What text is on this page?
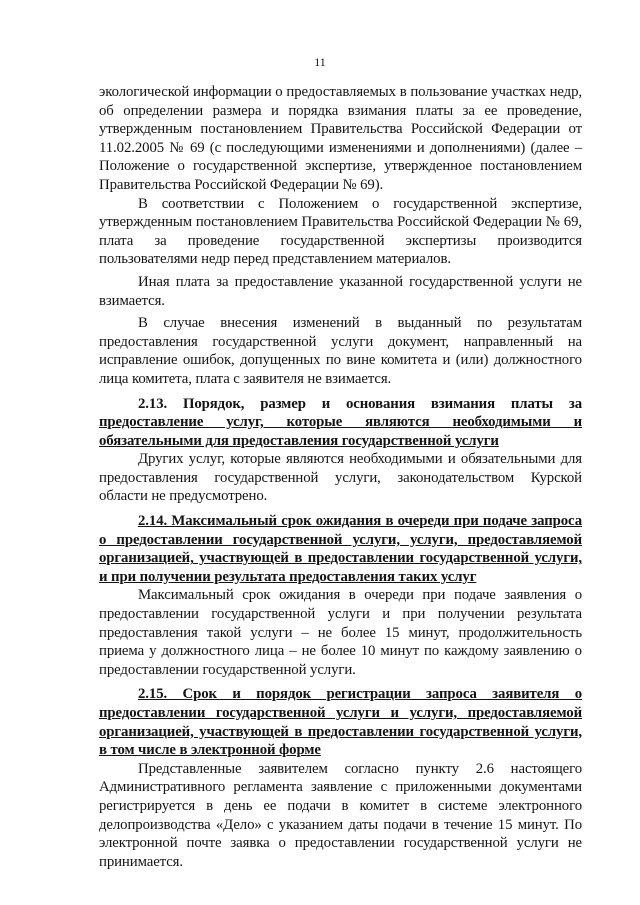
11

экологической информации о предоставляемых в пользование участках недр, об определении размера и порядка взимания платы за ее проведение, утвержденным постановлением Правительства Российской Федерации от 11.02.2005 № 69 (с последующими изменениями и дополнениями) (далее – Положение о государственной экспертизе, утвержденное постановлением Правительства Российской Федерации № 69).

В соответствии с Положением о государственной экспертизе, утвержденным постановлением Правительства Российской Федерации № 69, плата за проведение государственной экспертизы производится пользователями недр перед представлением материалов.

Иная плата за предоставление указанной государственной услуги не взимается.

В случае внесения изменений в выданный по результатам предоставления государственной услуги документ, направленный на исправление ошибок, допущенных по вине комитета и (или) должностного лица комитета, плата с заявителя не взимается.

2.13. Порядок, размер и основания взимания платы за предоставление услуг, которые являются необходимыми и обязательными для предоставления государственной услуги

Других услуг, которые являются необходимыми и обязательными для предоставления государственной услуги, законодательством Курской области не предусмотрено.

2.14. Максимальный срок ожидания в очереди при подаче запроса о предоставлении государственной услуги, услуги, предоставляемой организацией, участвующей в предоставлении государственной услуги, и при получении результата предоставления таких услуг

Максимальный срок ожидания в очереди при подаче заявления о предоставлении государственной услуги и при получении результата предоставления такой услуги – не более 15 минут, продолжительность приема у должностного лица – не более 10 минут по каждому заявлению о предоставлении государственной услуги.

2.15. Срок и порядок регистрации запроса заявителя о предоставлении государственной услуги и услуги, предоставляемой организацией, участвующей в предоставлении государственной услуги, в том числе в электронной форме

Представленные заявителем согласно пункту 2.6 настоящего Административного регламента заявление с приложенными документами регистрируется в день ее подачи в комитет в системе электронного делопроизводства «Дело» с указанием даты подачи в течение 15 минут. По электронной почте заявка о предоставлении государственной услуги не принимается.
